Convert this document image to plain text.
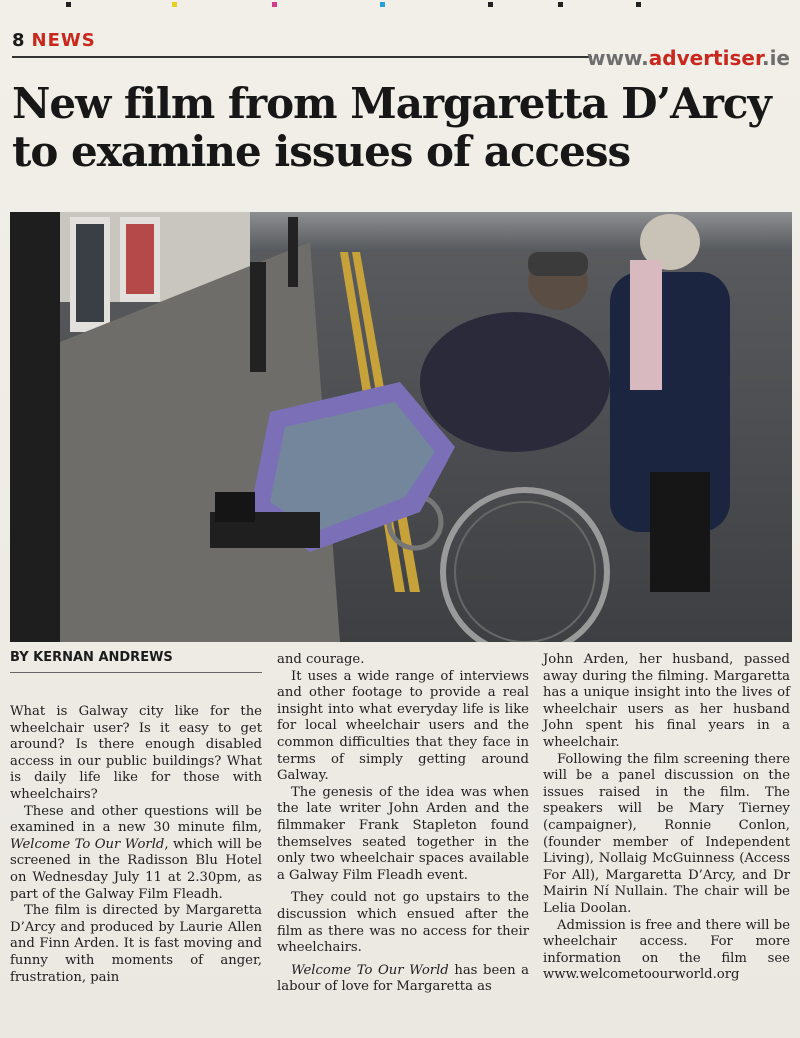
8 NEWS
www.advertiser.ie
New film from Margaretta D’Arcy
to examine issues of access
BY KERNAN ANDREWS

What is Galway city like for the wheelchair user? Is it easy to get around? Is there enough disabled access in our public buildings? What is daily life like for those with wheelchairs?

These and other questions will be examined in a new 30 minute film, Welcome To Our World, which will be screened in the Radisson Blu Hotel on Wednesday July 11 at 2.30pm, as part of the Galway Film Fleadh.

The film is directed by Margaretta D’Arcy and produced by Laurie Allen and Finn Arden. It is fast moving and funny with moments of anger, frustration, pain

and courage.

It uses a wide range of interviews and other footage to provide a real insight into what everyday life is like for local wheelchair users and the common difficulties that they face in terms of simply getting around Galway.

The genesis of the idea was when the late writer John Arden and the filmmaker Frank Stapleton found themselves seated together in the only two wheelchair spaces available a Galway Film Fleadh event.

They could not go upstairs to the discussion which ensued after the film as there was no access for their wheelchairs.

Welcome To Our World has been a labour of love for Margaretta as

John Arden, her husband, passed away during the filming. Margaretta has a unique insight into the lives of wheelchair users as her husband John spent his final years in a wheelchair.

Following the film screening there will be a panel discussion on the issues raised in the film. The speakers will be Mary Tierney (campaigner), Ronnie Conlon, (founder member of Independent Living), Nollaig McGuinness (Access For All), Margaretta D’Arcy, and Dr Mairin Ní Nullain. The chair will be Lelia Doolan.

Admission is free and there will be wheelchair access. For more information on the film see www.welcometoourworld.org
